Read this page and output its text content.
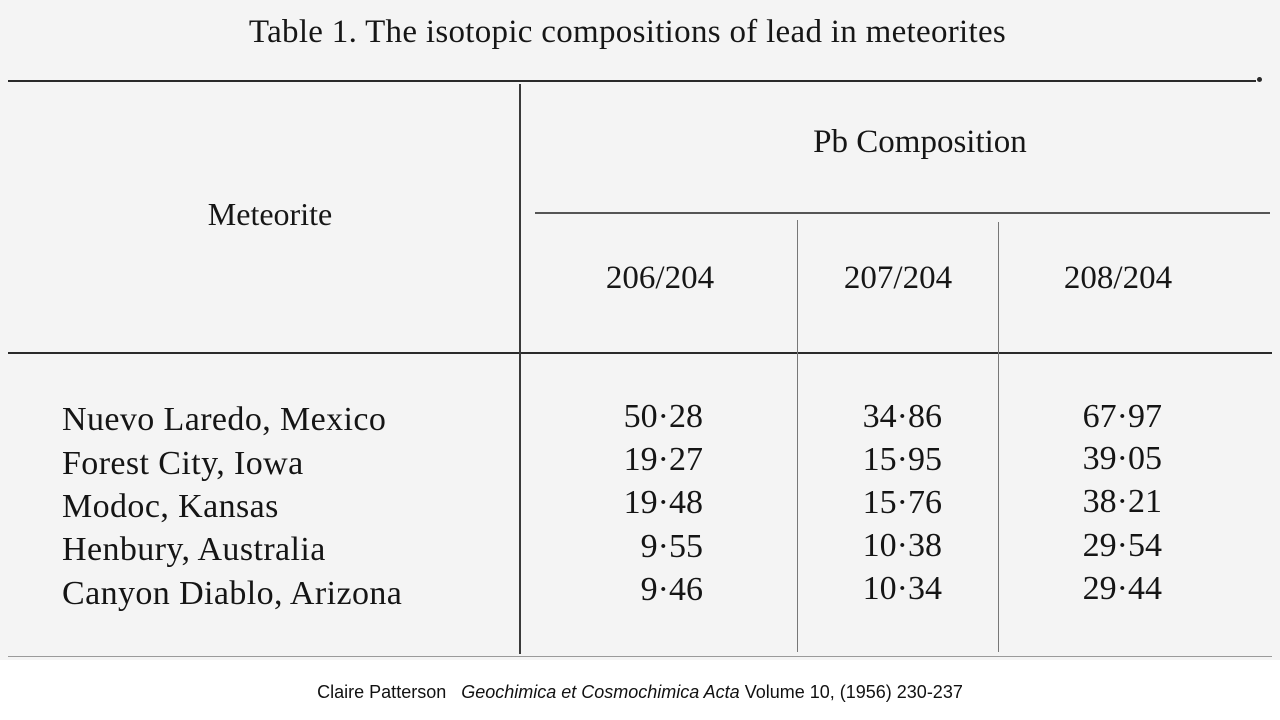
Table 1. The isotopic compositions of lead in meteorites
Meteorite
Pb Composition
206/204	207/204	208/204
Nuevo Laredo, Mexico	50·28	34·86	67·97
Forest City, Iowa	19·27	15·95	39·05
Modoc, Kansas	19·48	15·76	38·21
Henbury, Australia	9·55	10·38	29·54
Canyon Diablo, Arizona	9·46	10·34	29·44
Claire Patterson Geochimica et Cosmochimica Acta Volume 10, (1956) 230-237
